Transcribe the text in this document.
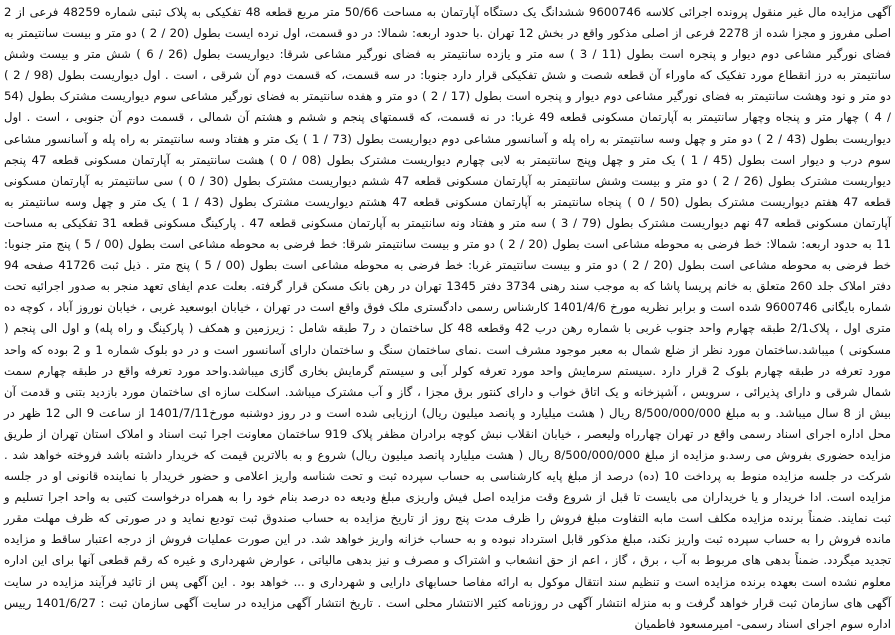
آگهی مزایده مال غیر منقول پرونده اجرائی کلاسه 9600746 ششدانگ یک دستگاه آپارتمان به مساحت 50/66 متر مربع قطعه 48 تفکیکی به پلاک ثبتی شماره 48259 فرعی از 2 اصلی مفروز و مجزا شده از 2278 فرعی از اصلی مذکور واقع در بخش 12 تهران .با حدود اربعه: شمالا: در دو قسمت، اول نرده ایست بطول (20 / 2 ) دو متر و بیست سانتیمتر به فضای نورگیر مشاعی دوم دیوار و پنجره است بطول (11 / 3 ) سه متر و یازده سانتیمتر به فضای نورگیر مشاعی شرقا: دیواریست بطول (26 / 6 ) شش متر و بیست وشش سانتیمتر به درز انقطاع مورد تفکیک که ماوراء آن قطعه شصت و شش تفکیکی قرار دارد جنوبا: در سه قسمت، که قسمت دوم آن شرقی ، است . اول دیواریست بطول (98 / 2 ) دو متر و نود وهشت سانتیمتر به فضای نورگیر مشاعی دوم دیوار و پنجره است بطول (17 / 2 ) دو متر و هفده سانتیمتر به فضای نورگیر مشاعی سوم دیواریست مشترک بطول (54 / 4 ) چهار متر و پنجاه وچهار سانتیمتر به آپارتمان مسکونی قطعه 49 غربا: در نه قسمت، که قسمتهای پنجم و ششم و هشتم آن شمالی ، قسمت دوم آن جنوبی ، است . اول دیواریست بطول (43 / 2 ) دو متر و چهل وسه سانتیمتر به راه پله و آسانسور مشاعی دوم دیواریست بطول (73 / 1 ) یک متر و هفتاد وسه سانتیمتر به راه پله و آسانسور مشاعی سوم درب و دیوار است بطول (45 / 1 ) یک متر و چهل وپنج سانتیمتر به لابی چهارم دیواریست مشترک بطول (08 / 0 ) هشت سانتیمتر به آپارتمان مسکونی قطعه 47 پنجم دیواریست مشترک بطول (26 / 2 ) دو متر و بیست وشش سانتیمتر به آپارتمان مسکونی قطعه 47 ششم دیواریست مشترک بطول (30 / 0 ) سی سانتیمتر به آپارتمان مسکونی قطعه 47 هفتم دیواریست مشترک بطول (50 / 0 ) پنجاه سانتیمتر به آپارتمان مسکونی قطعه 47 هشتم دیواریست مشترک بطول (43 / 1 ) یک متر و چهل وسه سانتیمتر به آپارتمان مسکونی قطعه 47 نهم دیواریست مشترک بطول (79 / 3 ) سه متر و هفتاد ونه سانتیمتر به آپارتمان مسکونی قطعه 47 . پارکینگ مسکونی قطعه 31 تفکیکی به مساحت 11 به حدود اربعه: شمالا: خط فرضی به محوطه مشاعی است بطول (20 / 2 ) دو متر و بیست سانتیمتر شرقا: خط فرضی به محوطه مشاعی است بطول (00 / 5 ) پنج متر جنوبا: خط فرضی به محوطه مشاعی است بطول (20 / 2 ) دو متر و بیست سانتیمتر غربا: خط فرضی به محوطه مشاعی است بطول (00 / 5 ) پنج متر . ذیل ثبت 41726 صفحه 94 دفتر املاک جلد 260 متعلق به خانم پریسا پاشا که به موجب سند رهنی 3734 دفتر 1345 تهران در رهن بانک مسکن قرار گرفته. بعلت عدم ایفای تعهد منجر به صدور اجرائیه تحت شماره بایگانی 9600746 شده است و برابر نظریه مورخ 1401/4/6 کارشناس رسمی دادگستری ملک فوق واقع است در تهران ، خیابان ابوسعید غربی ، خیابان نوروز آباد ، کوچه ده متری اول ، پلاک2/1 طبقه چهارم واحد جنوب غربی با شماره رهن درب 42 وقطعه 48 کل ساختمان د ر7 طبقه شامل : زیرزمین و همکف ( پارکینگ و راه پله) و اول الی پنجم ( مسکونی ) میباشد.ساختمان مورد نظر از ضلع شمال به معبر موجود مشرف است .نمای ساختمان سنگ و ساختمان دارای آسانسور است و در دو بلوک شماره 1 و 2 بوده که واحد مورد تعرفه در طبقه چهارم بلوک 2 قرار دارد .سیستم سرمایش واحد مورد تعرفه کولر آبی و سیستم گرمایش بخاری گازی میباشد.واحد مورد تعرفه واقع در طبقه چهارم سمت شمال شرقی و دارای پذیرائی ، سرویس ، آشپزخانه و یک اتاق خواب و دارای کنتور برق مجزا ، گاز و آب مشترک میباشد. اسکلت سازه ای ساختمان مورد بازدید بتنی و قدمت آن بیش از 8 سال میباشد. و به مبلغ 8/500/000/000 ریال ( هشت میلیارد و پانصد میلیون ریال) ارزیابی شده است و در روز دوشنبه مورخ1401/7/11 از ساعت 9 الی 12 ظهر در محل اداره اجرای اسناد رسمی واقع در تهران چهارراه ولیعصر ، خیابان انقلاب نبش کوچه برادران مظفر پلاک 919 ساختمان معاونت اجرا ثبت اسناد و املاک استان تهران از طریق مزایده حضوری بفروش می رسد.و مزایده از مبلغ 8/500/000/000 ریال ( هشت میلیارد پانصد میلیون ریال) شروع و به بالاترین قیمت که خریدار داشته باشد فروخته خواهد شد . شرکت در جلسه مزایده منوط به پرداخت 10 (ده) درصد از مبلغ پایه کارشناسی به حساب سپرده ثبت و تحت شناسه واریز اعلامی و حضور خریدار با نماینده قانونی او در جلسه مزایده است. ادا خریدار و یا خریداران می بایست تا قبل از شروع وقت مزایده اصل فیش واریزی مبلغ ودیعه ده درصد بنام خود را به همراه درخواست کتبی به واحد اجرا تسلیم و ثبت نمایند. ضمناً برنده مزایده مکلف است مابه التفاوت مبلغ فروش را ظرف مدت پنج روز از تاریخ مزایده به حساب صندوق ثبت تودیع نماید و در صورتی که ظرف مهلت مقرر مانده فروش را به حساب سپرده ثبت واریز نکند، مبلغ مذکور قابل استرداد نبوده و به حساب خزانه واریز خواهد شد. در این صورت عملیات فروش از درجه اعتبار ساقط و مزایده تجدید میگردد. ضمناً بدهی های مربوط به آب ، برق ، گاز ، اعم از حق انشعاب و اشتراک و مصرف و نیز بدهی مالیاتی ، عوارض شهرداری و غیره که رقم قطعی آنها برای این اداره معلوم نشده است بعهده برنده مزایده است و تنظیم سند انتقال موکول به ارائه مفاصا حسابهای دارایی و شهرداری و ... خواهد بود . این آگهی پس از تائید فرآیند مزایده در سایت آگهی های سازمان ثبت قرار خواهد گرفت و به منزله انتشار آگهی در روزنامه کثیر الانتشار محلی است . تاریخ انتشار آگهی مزایده در سایت آگهی سازمان ثبت : 1401/6/27 رییس اداره سوم اجرای اسناد رسمی- امیرمسعود فاطمیان
